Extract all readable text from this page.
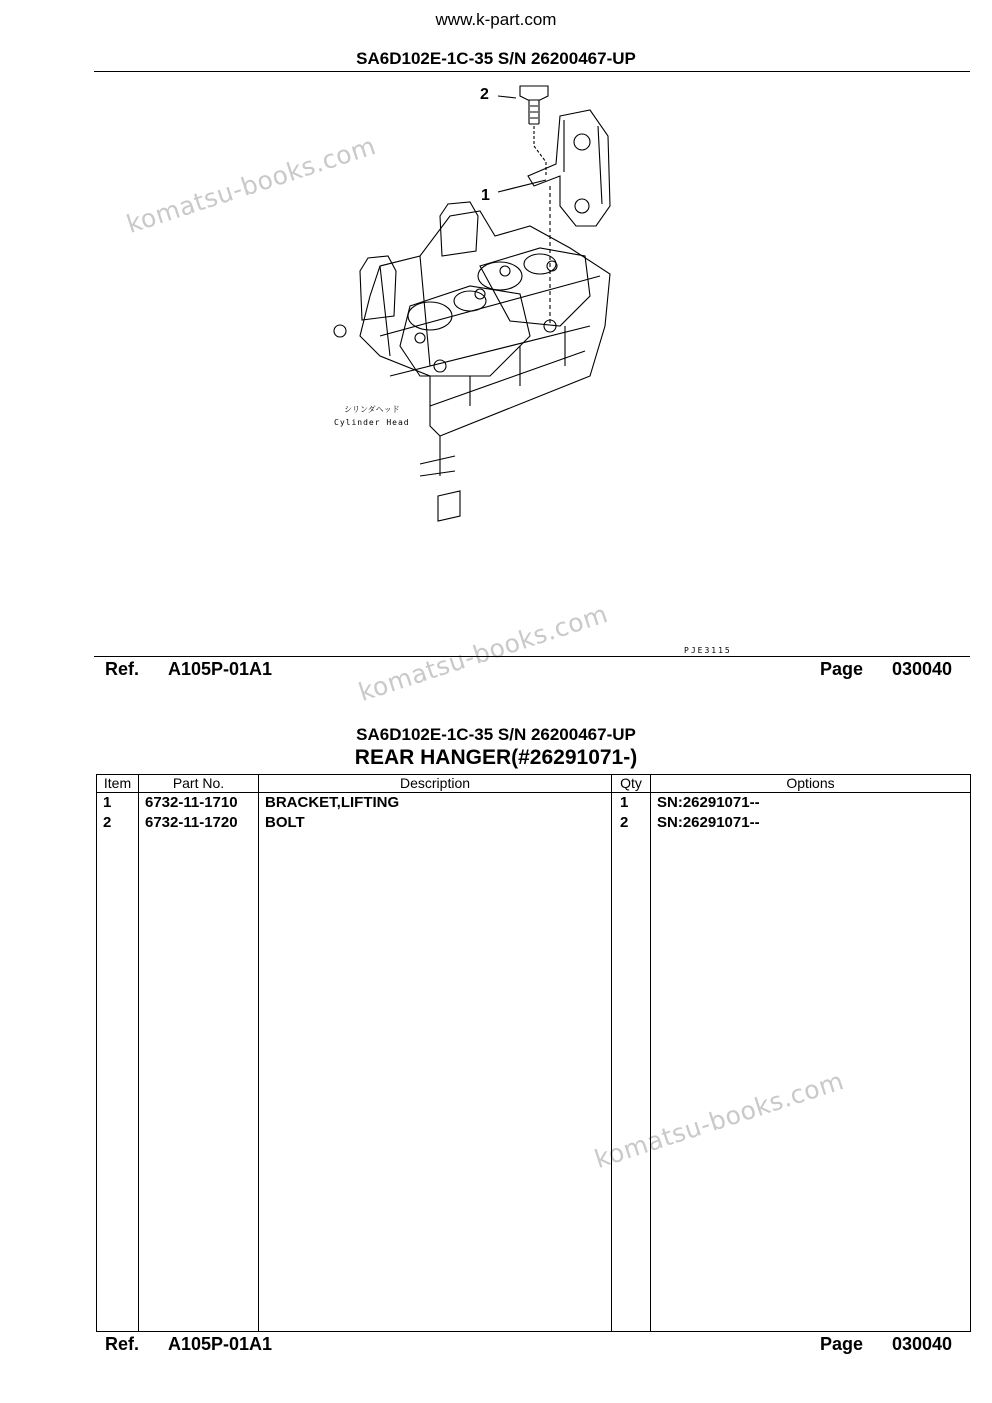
www.k-part.com
SA6D102E-1C-35 S/N 26200467-UP
2
1
シリンダヘッド
Cylinder Head
PJE3115
komatsu-books.com
komatsu-books.com
komatsu-books.com
Ref. A105P-01A1	Page 030040
SA6D102E-1C-35 S/N 26200467-UP
REAR HANGER(#26291071-)
Item	Part No.	Description	Qty	Options
1	6732-11-1710	BRACKET,LIFTING	1	SN:26291071--
2	6732-11-1720	BOLT	2	SN:26291071--

Ref. A105P-01A1	Page 030040
